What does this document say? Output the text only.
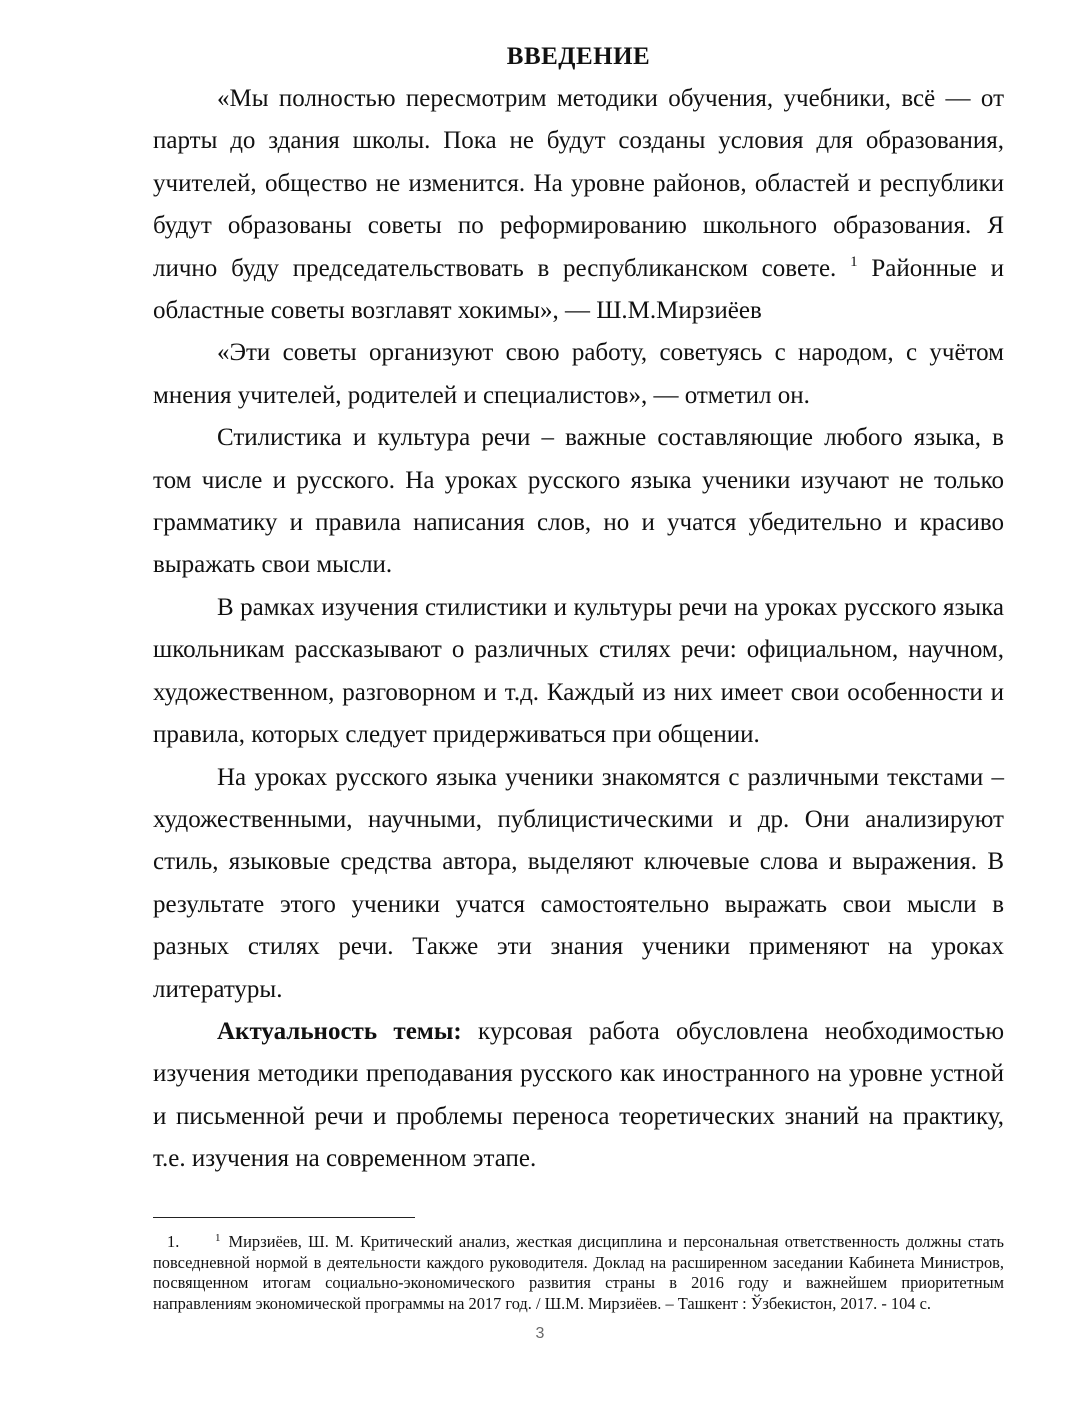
ВВЕДЕНИЕ

«Мы полностью пересмотрим методики обучения, учебники, всё — от парты до здания школы. Пока не будут созданы условия для образования, учителей, общество не изменится. На уровне районов, областей и республики будут образованы советы по реформированию школьного образования. Я лично буду председательствовать в республиканском совете. $^1$ Районные и областные советы возглавят хокимы», — Ш.М.Мирзиёев

«Эти советы организуют свою работу, советуясь с народом, с учётом мнения учителей, родителей и специалистов», — отметил он.

Стилистика и культура речи – важные составляющие любого языка, в том числе и русского. На уроках русского языка ученики изучают не только грамматику и правила написания слов, но и учатся убедительно и красиво выражать свои мысли.

В рамках изучения стилистики и культуры речи на уроках русского языка школьникам рассказывают о различных стилях речи: официальном, научном, художественном, разговорном и т.д. Каждый из них имеет свои особенности и правила, которых следует придерживаться при общении.

На уроках русского языка ученики знакомятся с различными текстами – художественными, научными, публицистическими и др. Они анализируют стиль, языковые средства автора, выделяют ключевые слова и выражения. В результате этого ученики учатся самостоятельно выражать свои мысли в разных стилях речи. Также эти знания ученики применяют на уроках литературы.

Актуальность темы: курсовая работа обусловлена необходимостью изучения методики преподавания русского как иностранного на уровне устной и письменной речи и проблемы переноса теоретических знаний на практику, т.е. изучения на современном этапе.

1.	$^1$ Мирзиёев, Ш. М. Критический анализ, жесткая дисциплина и персональная ответственность должны стать повседневной нормой в деятельности каждого руководителя. Доклад на расширенном заседании Кабинета Министров, посвященном итогам социально-экономического развития страны в 2016 году и важнейшем приоритетным направлениям экономической программы на 2017 год. / Ш.М. Мирзиёев. – Ташкент : Ўзбекистон, 2017. - 104 с.
3
